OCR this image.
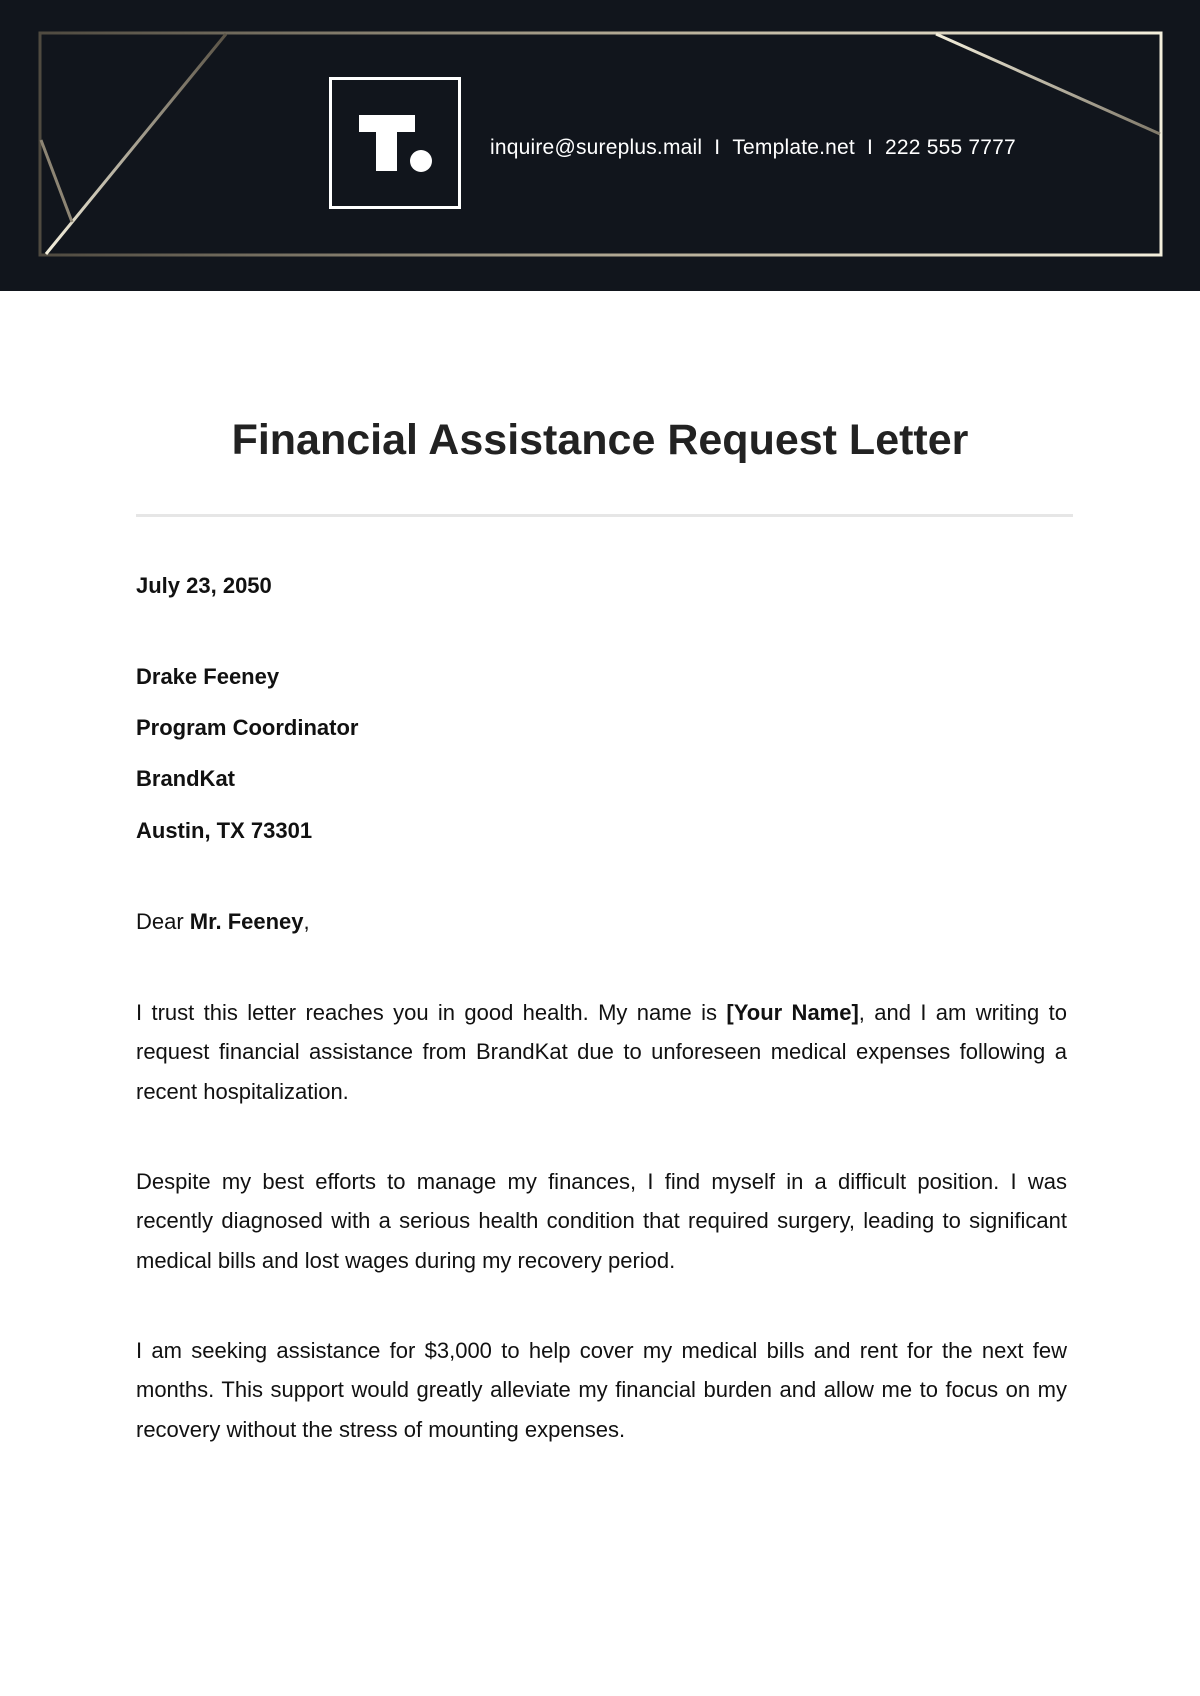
inquire@sureplus.mail I Template.net I 222 555 7777
Financial Assistance Request Letter
July 23, 2050
Drake Feeney
Program Coordinator
BrandKat
Austin, TX 73301
Dear Mr. Feeney,

I trust this letter reaches you in good health. My name is [Your Name], and I am writing to request financial assistance from BrandKat due to unforeseen medical expenses following a recent hospitalization.

Despite my best efforts to manage my finances, I find myself in a difficult position. I was recently diagnosed with a serious health condition that required surgery, leading to significant medical bills and lost wages during my recovery period.

I am seeking assistance for $3,000 to help cover my medical bills and rent for the next few months. This support would greatly alleviate my financial burden and allow me to focus on my recovery without the stress of mounting expenses.
